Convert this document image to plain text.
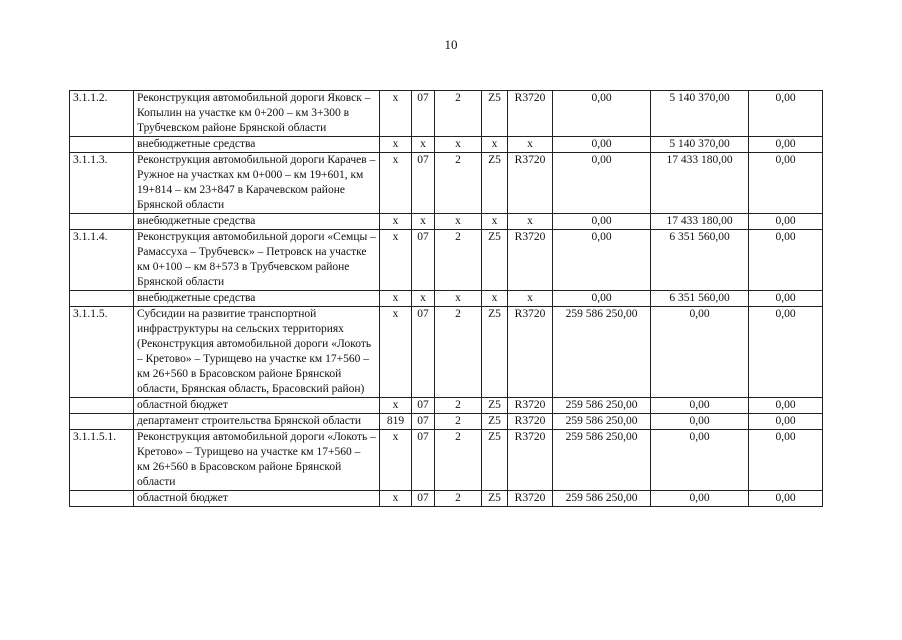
10
3.1.1.2.	Реконструкция автомобильной дороги Яковск – Копылин на участке км 0+200 – км 3+300 в Трубчевском районе Брянской области	x	07	2	Z5	R3720	0,00	5 140 370,00	0,00
	внебюджетные средства	x	x	x	x	x	0,00	5 140 370,00	0,00
3.1.1.3.	Реконструкция автомобильной дороги Карачев – Ружное на участках км 0+000 – км 19+601, км 19+814 – км 23+847 в Карачевском районе Брянской области	x	07	2	Z5	R3720	0,00	17 433 180,00	0,00
	внебюджетные средства	x	x	x	x	x	0,00	17 433 180,00	0,00
3.1.1.4.	Реконструкция автомобильной дороги «Семцы – Рамассуха – Трубчевск» – Петровск на участке км 0+100 – км 8+573 в Трубчевском районе Брянской области	x	07	2	Z5	R3720	0,00	6 351 560,00	0,00
	внебюджетные средства	x	x	x	x	x	0,00	6 351 560,00	0,00
3.1.1.5.	Субсидии на развитие транспортной инфраструктуры на сельских территориях (Реконструкция автомобильной дороги «Локоть – Кретово» – Турищево на участке км 17+560 – км 26+560 в Брасовском районе Брянской области, Брянская область, Брасовский район)	x	07	2	Z5	R3720	259 586 250,00	0,00	0,00
	областной бюджет	x	07	2	Z5	R3720	259 586 250,00	0,00	0,00
	департамент строительства Брянской области	819	07	2	Z5	R3720	259 586 250,00	0,00	0,00
3.1.1.5.1.	Реконструкция автомобильной дороги «Локоть – Кретово» – Турищево на участке км 17+560 – км 26+560 в Брасовском районе Брянской области	x	07	2	Z5	R3720	259 586 250,00	0,00	0,00
	областной бюджет	x	07	2	Z5	R3720	259 586 250,00	0,00	0,00
